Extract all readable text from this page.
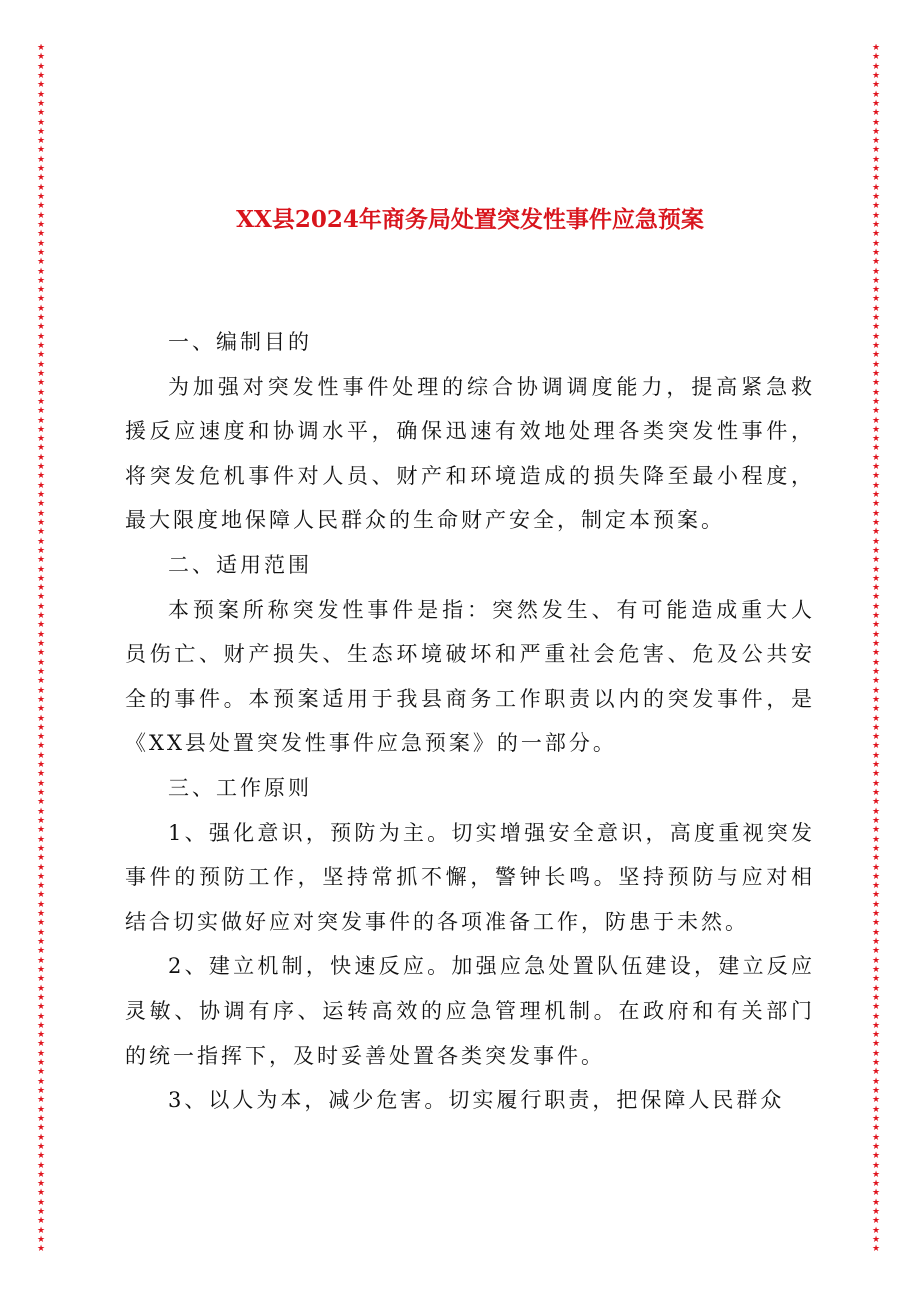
★
★
★
★
★
★
★
★
★
★
★
★
★
★
★
★
★
★
★
★
★
★
★
★
★
★
★
★
★
★
★
★
★
★
★
★
★
★
★
★
★
★
★
★
★
★
★
★
★
★
★
★
★
★
★
★
★
★
★
★
★
★
★
★
★
★
★
★
★
★
★
★
★
★
★
★
★
★
★
★
★
★
★
★
★
★
★
★
★
★
★
★
★
★
★
★
★
★
★
★
★
★
★
★
★
★
★
★
★
★
★
★
★
★
★
★
★
★
★
★
★
★
★
★
★
★
★
★
★
★
★
★
★
★
★
★
★
★
★
★
★
★
★
★
★
★
★
★
★
★
★
★
★
★
★
★
★
★
★
★
★
★
★
★
★
★
★
★
★
★
★
★
★
★
★
★
★
★
★
★
★
★
★
★
★
★
★
★
★
★
★
★
★
★
★
★
★
★
★
★
★
★
★
★
★
★
★
★
★
★
★
★
★
★
★
★
★
★
★
★
★
★
★
★
★
★
★
★
★
★
★
★
★
★
★
★
★
★
★
★
★
★
★
★
★
★
★
★
★
★
★
★
★
★
★
★
★
★
★
★
XX县2024年商务局处置突发性事件应急预案

一、编制目的

为加强对突发性事件处理的综合协调调度能力，提高紧急救援反应速度和协调水平，确保迅速有效地处理各类突发性事件，将突发危机事件对人员、财产和环境造成的损失降至最小程度，最大限度地保障人民群众的生命财产安全，制定本预案。

二、适用范围

本预案所称突发性事件是指：突然发生、有可能造成重大人员伤亡、财产损失、生态环境破坏和严重社会危害、危及公共安全的事件。本预案适用于我县商务工作职责以内的突发事件，是《XX县处置突发性事件应急预案》的一部分。

三、工作原则

1、强化意识，预防为主。切实增强安全意识，高度重视突发事件的预防工作，坚持常抓不懈，警钟长鸣。坚持预防与应对相结合切实做好应对突发事件的各项准备工作，防患于未然。

2、建立机制，快速反应。加强应急处置队伍建设，建立反应灵敏、协调有序、运转高效的应急管理机制。在政府和有关部门的统一指挥下，及时妥善处置各类突发事件。

3、以人为本，减少危害。切实履行职责，把保障人民群众
